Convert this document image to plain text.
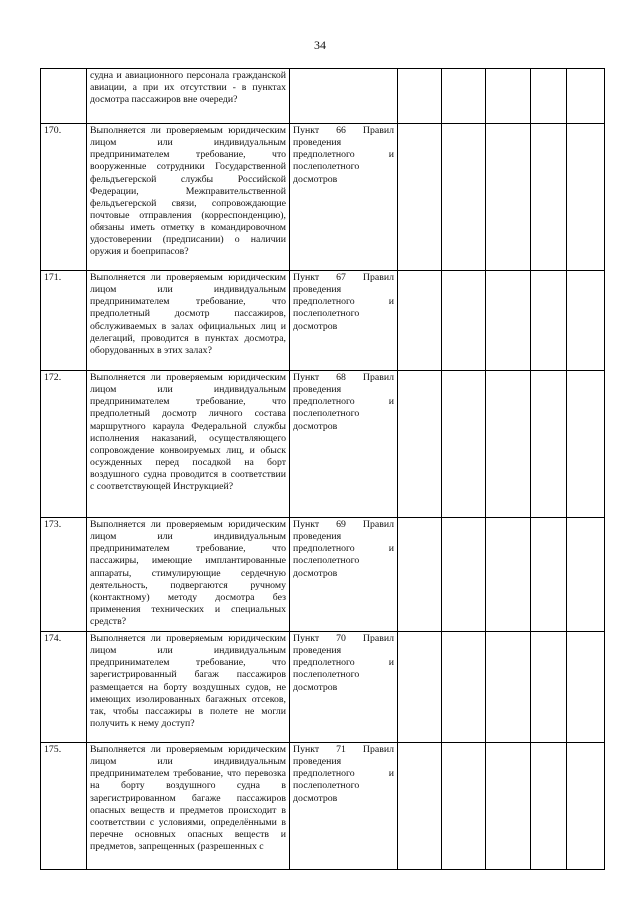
34
	судна и авиационного персонала гражданской авиации, а при их отсутствии - в пунктах досмотра пассажиров вне очереди?						
170.	Выполняется ли проверяемым юридическим лицом или индивидуальным предпринимателем требование, что вооруженные сотрудники Государственной фельдъегерской службы Российской Федерации, Межправительственной фельдъегерской связи, сопровождающие почтовые отправления (корреспонденцию), обязаны иметь отметку в командировочном удостоверении (предписании) о наличии оружия и боеприпасов?	Пункт 66 Правил проведения предполетного и послеполетного досмотров					
171.	Выполняется ли проверяемым юридическим лицом или индивидуальным предпринимателем требование, что предполетный досмотр пассажиров, обслуживаемых в залах официальных лиц и делегаций, проводится в пунктах досмотра, оборудованных в этих залах?	Пункт 67 Правил проведения предполетного и послеполетного досмотров					
172.	Выполняется ли проверяемым юридическим лицом или индивидуальным предпринимателем требование, что предполетный досмотр личного состава маршрутного караула Федеральной службы исполнения наказаний, осуществляющего сопровождение конвоируемых лиц, и обыск осужденных перед посадкой на борт воздушного судна проводится в соответствии с соответствующей Инструкцией?	Пункт 68 Правил проведения предполетного и послеполетного досмотров					
173.	Выполняется ли проверяемым юридическим лицом или индивидуальным предпринимателем требование, что пассажиры, имеющие имплантированные аппараты, стимулирующие сердечную деятельность, подвергаются ручному (контактному) методу досмотра без применения технических и специальных средств?	Пункт 69 Правил проведения предполетного и послеполетного досмотров					
174.	Выполняется ли проверяемым юридическим лицом или индивидуальным предпринимателем требование, что зарегистрированный багаж пассажиров размещается на борту воздушных судов, не имеющих изолированных багажных отсеков, так, чтобы пассажиры в полете не могли получить к нему доступ?	Пункт 70 Правил проведения предполетного и послеполетного досмотров					
175.	Выполняется ли проверяемым юридическим лицом или индивидуальным предпринимателем требование, что перевозка на борту воздушного судна в зарегистрированном багаже пассажиров опасных веществ и предметов происходит в соответствии с условиями, определёнными в перечне основных опасных веществ и предметов, запрещенных (разрешенных с	Пункт 71 Правил проведения предполетного и послеполетного досмотров					
